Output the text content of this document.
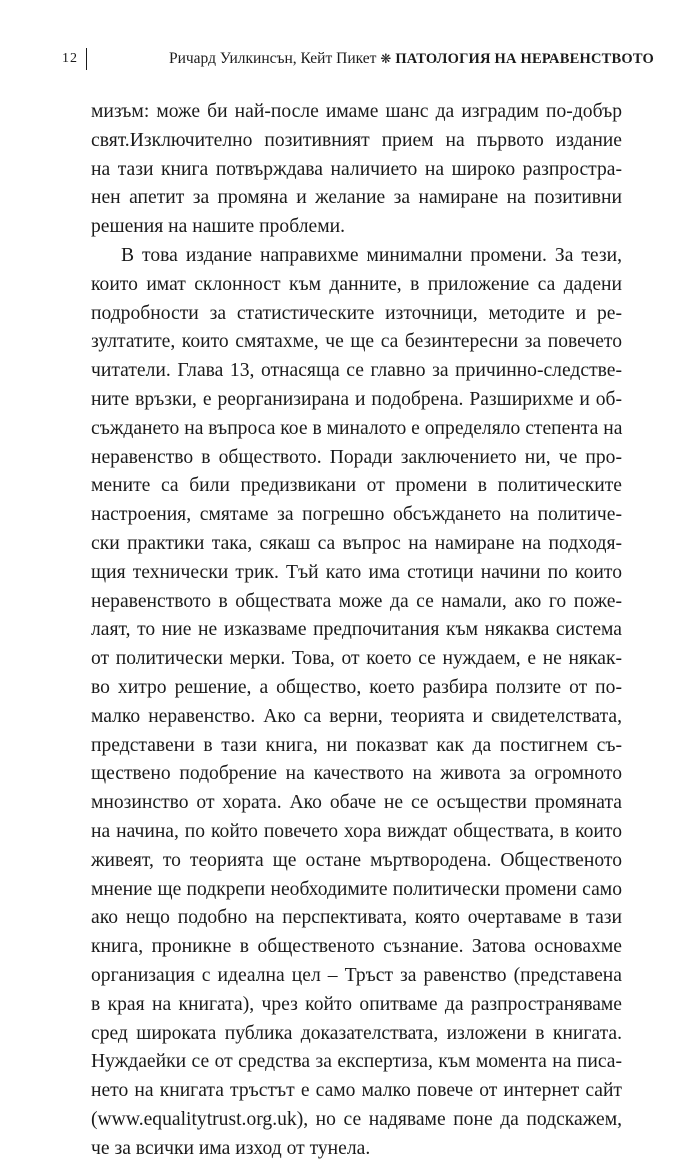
12	Ричард Уилкинсън, Кейт Пикет ❋ ПАТОЛОГИЯ НА НЕРАВЕНСТВОТО
мизъм: може би най-после имаме шанс да изградим по-добър
свят.Изключително позитивният прием на първото издание
на тази книга потвърждава наличието на широко разпростра-
нен апетит за промяна и желание за намиране на позитивни
решения на нашите проблеми.
В това издание направихме минимални промени. За тези,
които имат склонност към данните, в приложение са дадени
подробности за статистическите източници, методите и ре-
зултатите, които смятахме, че ще са безинтересни за повечето
читатели. Глава 13, отнасяща се главно за причинно-следстве-
ните връзки, е реорганизирана и подобрена. Разширихме и об-
съждането на въпроса кое в миналото е определяло степента на
неравенство в обществото. Поради заключението ни, че про-
мените са били предизвикани от промени в политическите
настроения, смятаме за погрешно обсъждането на политиче-
ски практики така, сякаш са въпрос на намиране на подходя-
щия технически трик. Тъй като има стотици начини по които
неравенството в обществата може да се намали, ако го поже-
лаят, то ние не изказваме предпочитания към някаква система
от политически мерки. Това, от което се нуждаем, е не някак-
во хитро решение, а общество, което разбира ползите от по-
малко неравенство. Ако са верни, теорията и свидетелствата,
представени в тази книга, ни показват как да постигнем съ-
ществено подобрение на качеството на живота за огромното
мнозинство от хората. Ако обаче не се осъществи промяната
на начина, по който повечето хора виждат обществата, в които
живеят, то теорията ще остане мъртвородена. Общественото
мнение ще подкрепи необходимите политически промени само
ако нещо подобно на перспективата, която очертаваме в тази
книга, проникне в общественото съзнание. Затова основахме
организация с идеална цел – Тръст за равенство (представена
в края на книгата), чрез който опитваме да разпространяваме
сред широката публика доказателствата, изложени в книгата.
Нуждаейки се от средства за експертиза, към момента на писа-
нето на книгата тръстът е само малко повече от интернет сайт
(www.equalitytrust.org.uk), но се надяваме поне да подскажем,
че за всички има изход от тунела.
